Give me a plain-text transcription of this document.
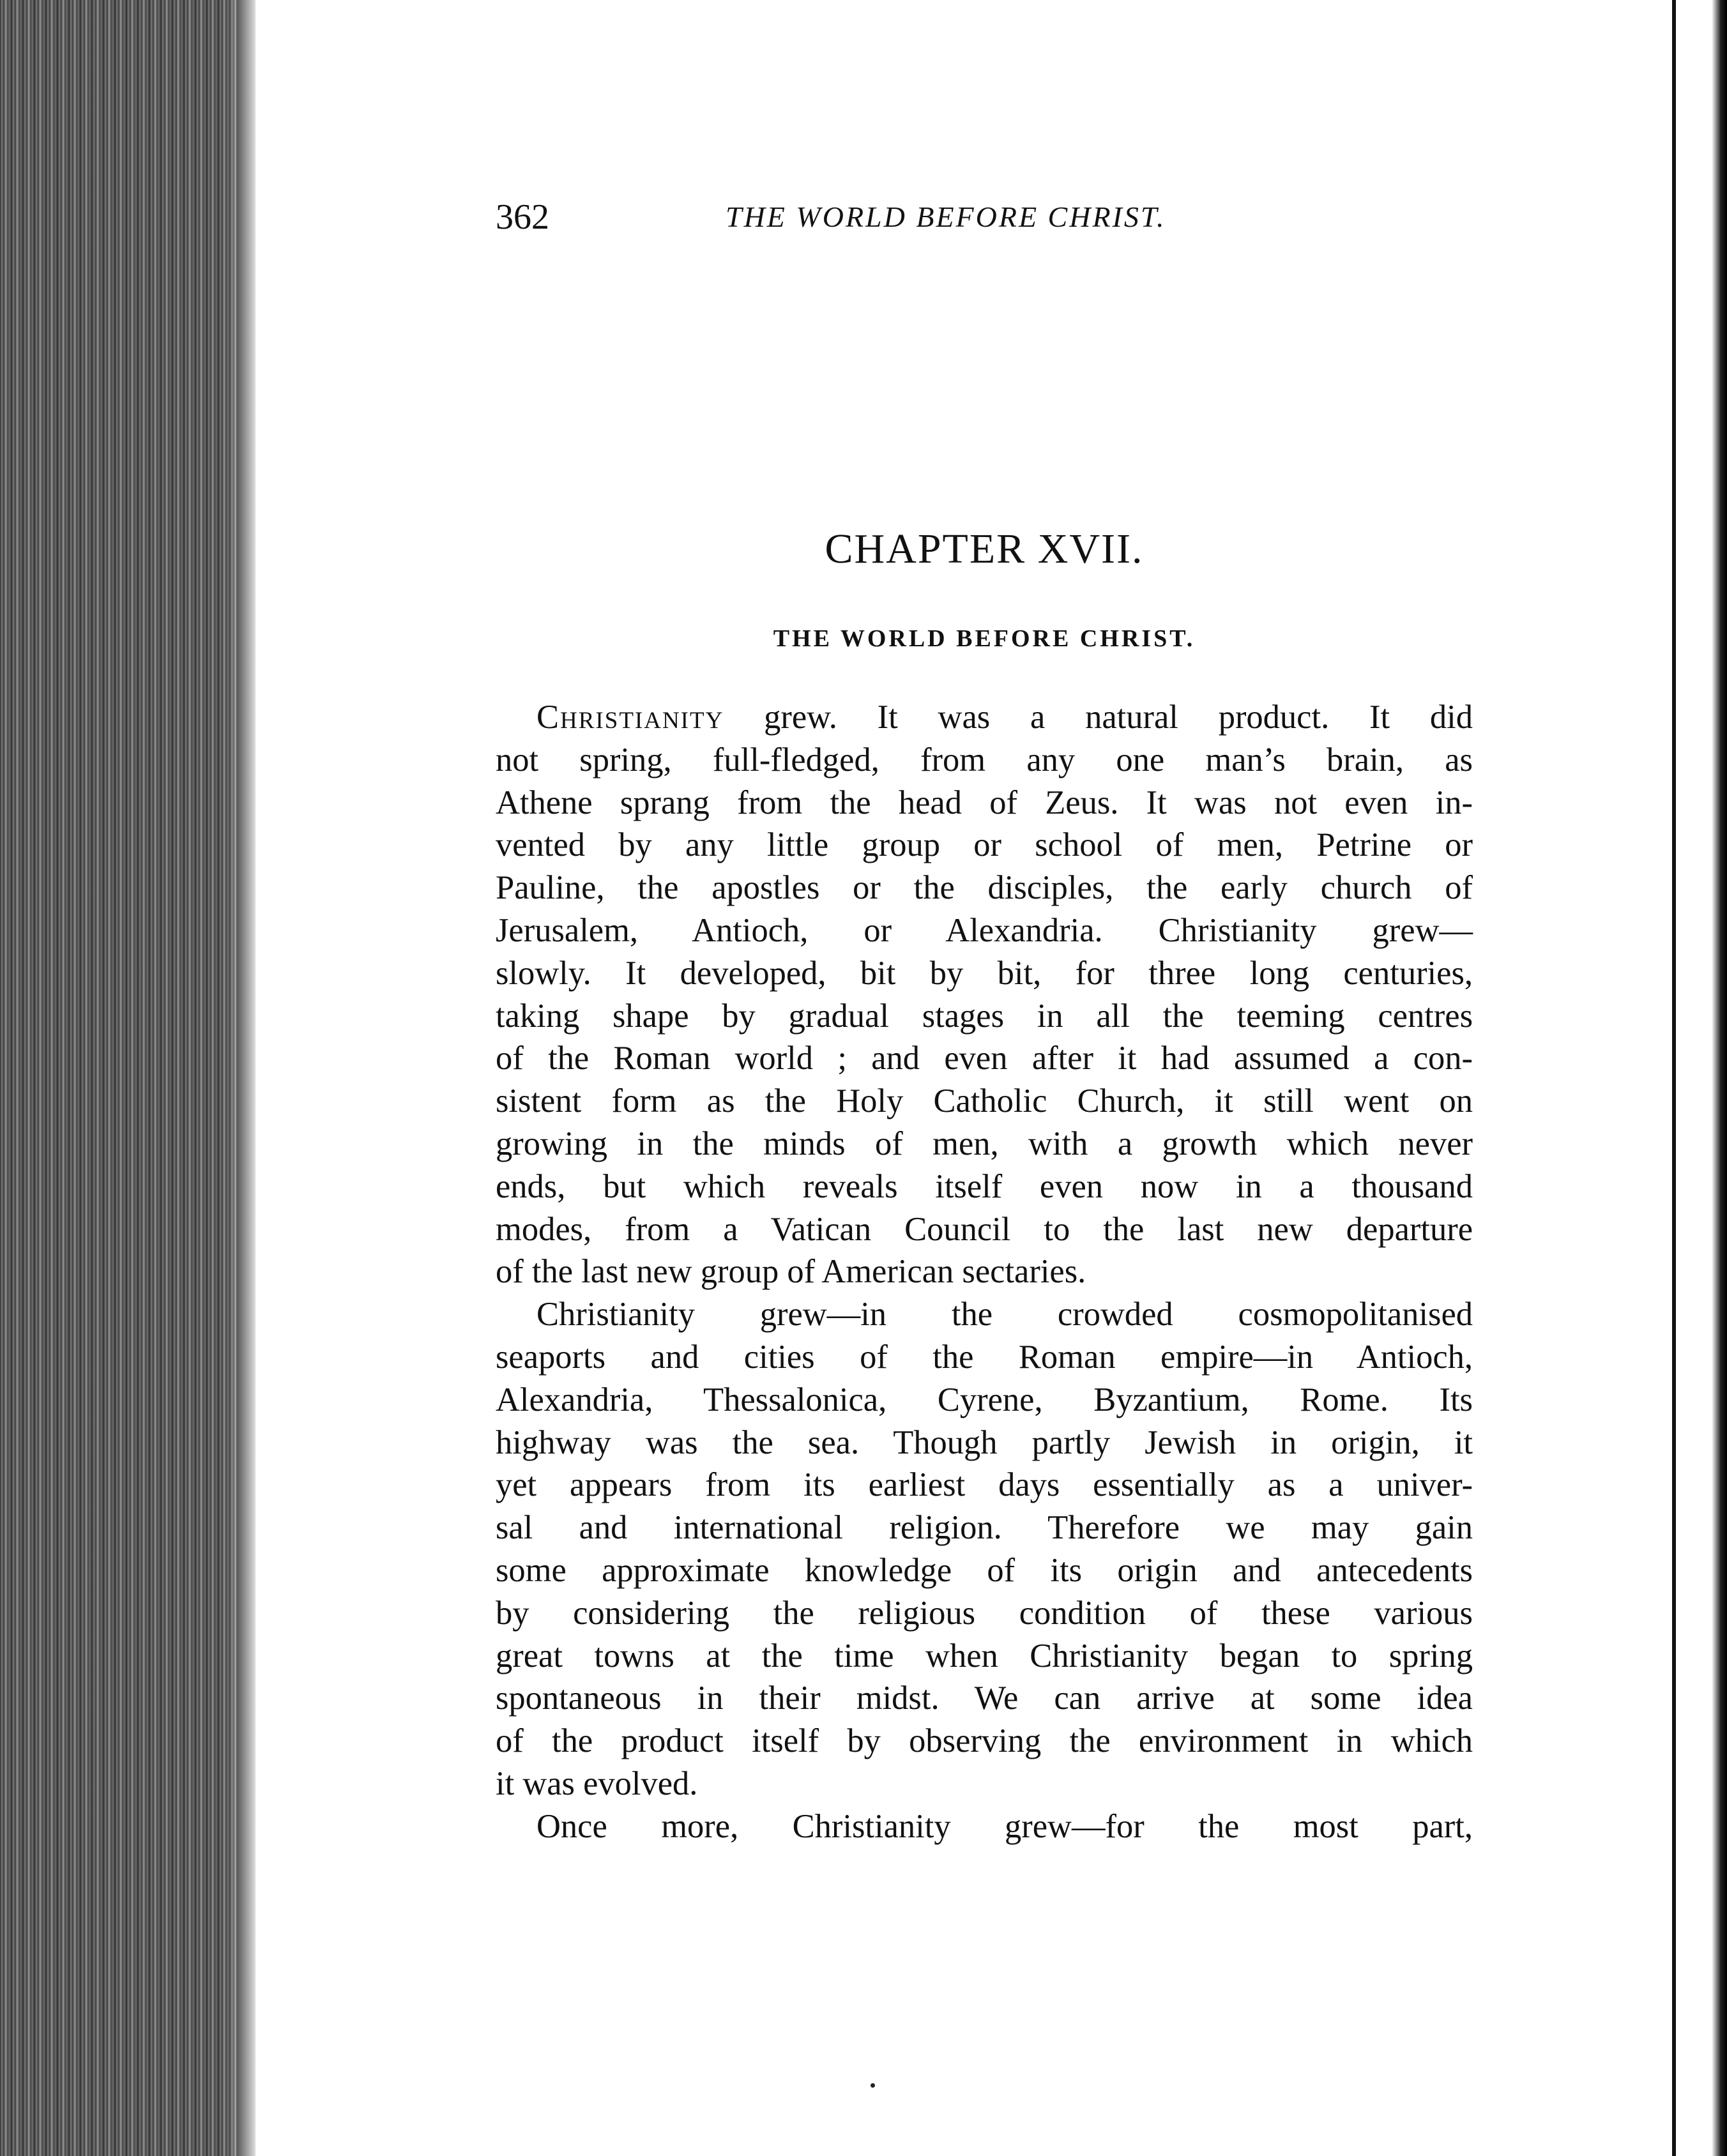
362	THE WORLD BEFORE CHRIST.
CHAPTER XVII.
THE WORLD BEFORE CHRIST.
Christianity grew. It was a natural product. It did
not spring, full-fledged, from any one man’s brain, as
Athene sprang from the head of Zeus. It was not even in-
vented by any little group or school of men, Petrine or
Pauline, the apostles or the disciples, the early church of
Jerusalem, Antioch, or Alexandria. Christianity grew—
slowly. It developed, bit by bit, for three long centuries,
taking shape by gradual stages in all the teeming centres
of the Roman world ; and even after it had assumed a con-
sistent form as the Holy Catholic Church, it still went on
growing in the minds of men, with a growth which never
ends, but which reveals itself even now in a thousand
modes, from a Vatican Council to the last new departure
of the last new group of American sectaries.
Christianity grew—in the crowded cosmopolitanised
seaports and cities of the Roman empire—in Antioch,
Alexandria, Thessalonica, Cyrene, Byzantium, Rome. Its
highway was the sea. Though partly Jewish in origin, it
yet appears from its earliest days essentially as a univer-
sal and international religion. Therefore we may gain
some approximate knowledge of its origin and antecedents
by considering the religious condition of these various
great towns at the time when Christianity began to spring
spontaneous in their midst. We can arrive at some idea
of the product itself by observing the environment in which
it was evolved.
Once more, Christianity grew—for the most part,
